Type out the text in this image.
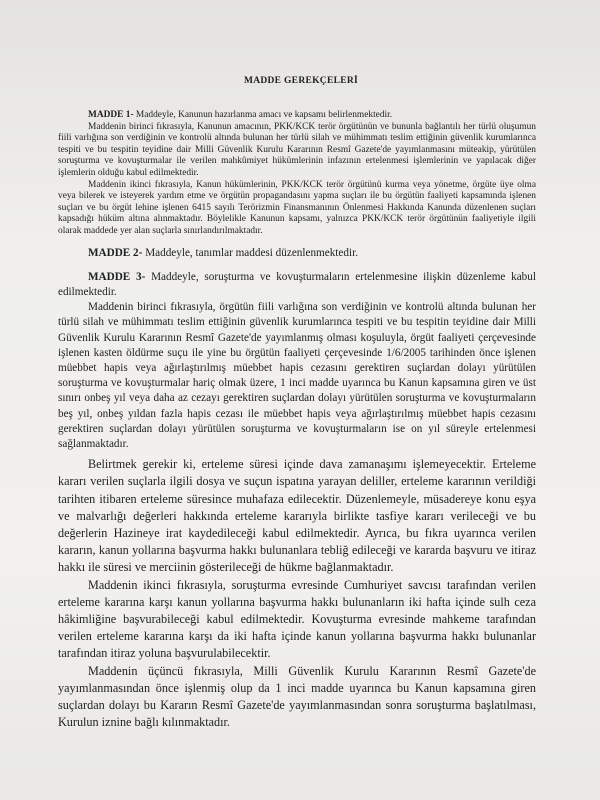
MADDE GEREKÇELERİ

MADDE 1- Maddeyle, Kanunun hazırlanma amacı ve kapsamı belirlenmektedir.

Maddenin birinci fıkrasıyla, Kanunun amacının, PKK/KCK terör örgütünün ve bununla bağlantılı her türlü oluşumun fiili varlığına son verdiğinin ve kontrolü altında bulunan her türlü silah ve mühimmatı teslim ettiğinin güvenlik kurumlarınca tespiti ve bu tespitin teyidine dair Milli Güvenlik Kurulu Kararının Resmî Gazete'de yayımlanmasını müteakip, yürütülen soruşturma ve kovuşturmalar ile verilen mahkûmiyet hükümlerinin infazının ertelenmesi işlemlerinin ve yapılacak diğer işlemlerin olduğu kabul edilmektedir.

Maddenin ikinci fıkrasıyla, Kanun hükümlerinin, PKK/KCK terör örgütünü kurma veya yönetme, örgüte üye olma veya bilerek ve isteyerek yardım etme ve örgütün propagandasını yapma suçları ile bu örgütün faaliyeti kapsamında işlenen suçları ve bu örgüt lehine işlenen 6415 sayılı Terörizmin Finansmanının Önlenmesi Hakkında Kanunda düzenlenen suçları kapsadığı hüküm altına alınmaktadır. Böylelikle Kanunun kapsamı, yalnızca PKK/KCK terör örgütünün faaliyetiyle ilgili olarak maddede yer alan suçlarla sınırlandırılmaktadır.

MADDE 2- Maddeyle, tanımlar maddesi düzenlenmektedir.

MADDE 3- Maddeyle, soruşturma ve kovuşturmaların ertelenmesine ilişkin düzenleme kabul edilmektedir.

Maddenin birinci fıkrasıyla, örgütün fiili varlığına son verdiğinin ve kontrolü altında bulunan her türlü silah ve mühimmatı teslim ettiğinin güvenlik kurumlarınca tespiti ve bu tespitin teyidine dair Milli Güvenlik Kurulu Kararının Resmî Gazete'de yayımlanmış olması koşuluyla, örgüt faaliyeti çerçevesinde işlenen kasten öldürme suçu ile yine bu örgütün faaliyeti çerçevesinde 1/6/2005 tarihinden önce işlenen müebbet hapis veya ağırlaştırılmış müebbet hapis cezasını gerektiren suçlardan dolayı yürütülen soruşturma ve kovuşturmalar hariç olmak üzere, 1 inci madde uyarınca bu Kanun kapsamına giren ve üst sınırı onbeş yıl veya daha az cezayı gerektiren suçlardan dolayı yürütülen soruşturma ve kovuşturmaların beş yıl, onbeş yıldan fazla hapis cezası ile müebbet hapis veya ağırlaştırılmış müebbet hapis cezasını gerektiren suçlardan dolayı yürütülen soruşturma ve kovuşturmaların ise on yıl süreyle ertelenmesi sağlanmaktadır.

Belirtmek gerekir ki, erteleme süresi içinde dava zamanaşımı işlemeyecektir. Erteleme kararı verilen suçlarla ilgili dosya ve suçun ispatına yarayan deliller, erteleme kararının verildiği tarihten itibaren erteleme süresince muhafaza edilecektir. Düzenlemeyle, müsadereye konu eşya ve malvarlığı değerleri hakkında erteleme kararıyla birlikte tasfiye kararı verileceği ve bu değerlerin Hazineye irat kaydedileceği kabul edilmektedir. Ayrıca, bu fıkra uyarınca verilen kararın, kanun yollarına başvurma hakkı bulunanlara tebliğ edileceği ve kararda başvuru ve itiraz hakkı ile süresi ve merciinin gösterileceği de hükme bağlanmaktadır.

Maddenin ikinci fıkrasıyla, soruşturma evresinde Cumhuriyet savcısı tarafından verilen erteleme kararına karşı kanun yollarına başvurma hakkı bulunanların iki hafta içinde sulh ceza hâkimliğine başvurabileceği kabul edilmektedir. Kovuşturma evresinde mahkeme tarafından verilen erteleme kararına karşı da iki hafta içinde kanun yollarına başvurma hakkı bulunanlar tarafından itiraz yoluna başvurulabilecektir.

Maddenin üçüncü fıkrasıyla, Milli Güvenlik Kurulu Kararının Resmî Gazete'de yayımlanmasından önce işlenmiş olup da 1 inci madde uyarınca bu Kanun kapsamına giren suçlardan dolayı bu Kararın Resmî Gazete'de yayımlanmasından sonra soruşturma başlatılması, Kurulun iznine bağlı kılınmaktadır.
